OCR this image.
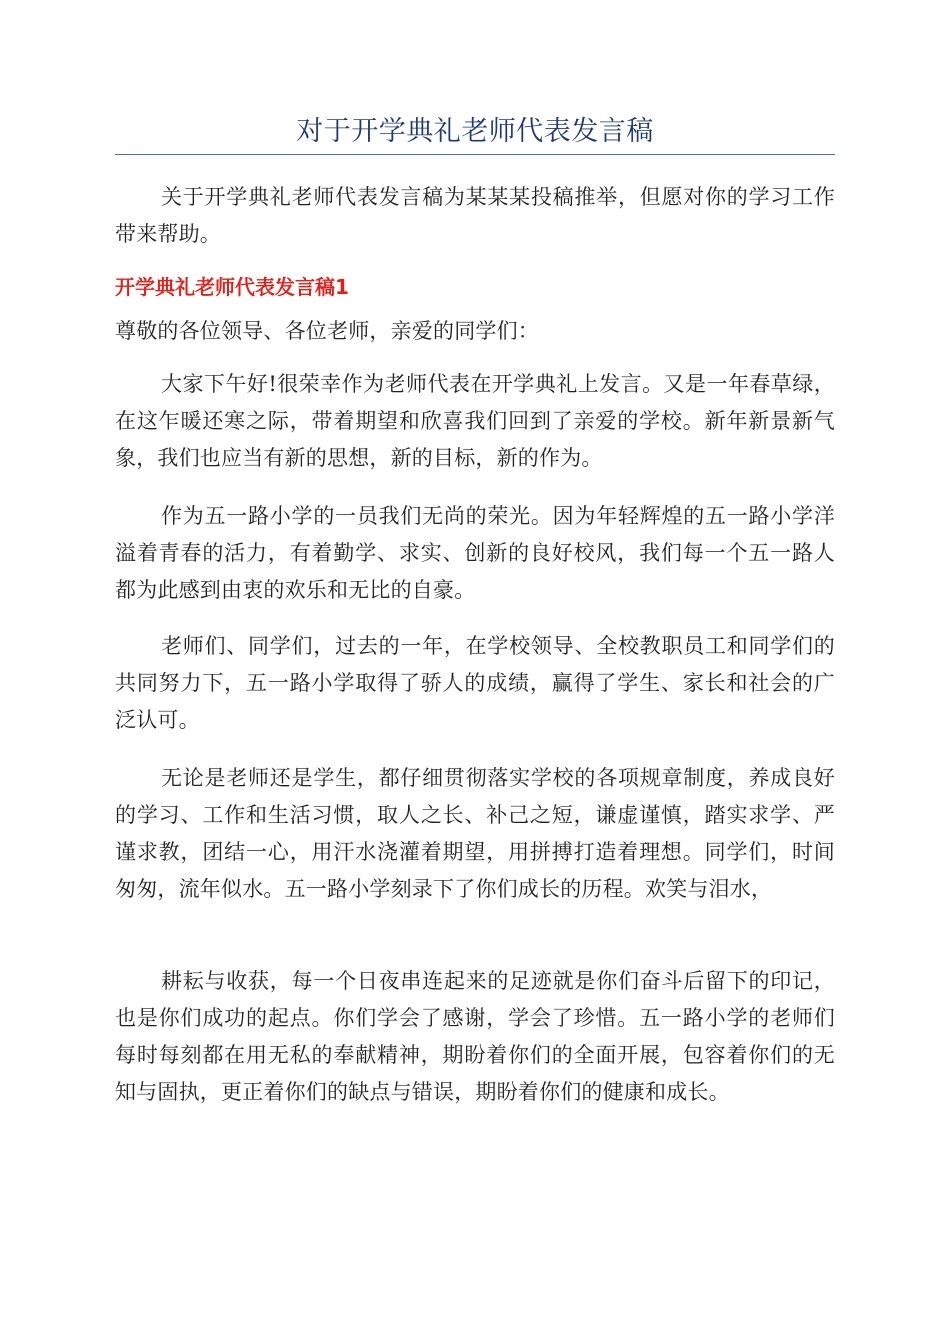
对于开学典礼老师代表发言稿

关于开学典礼老师代表发言稿为某某某投稿推举，但愿对你的学习工作带来帮助。

开学典礼老师代表发言稿1

尊敬的各位领导、各位老师，亲爱的同学们：

大家下午好!很荣幸作为老师代表在开学典礼上发言。又是一年春草绿，在这乍暖还寒之际，带着期望和欣喜我们回到了亲爱的学校。新年新景新气象，我们也应当有新的思想，新的目标，新的作为。

作为五一路小学的一员我们无尚的荣光。因为年轻辉煌的五一路小学洋溢着青春的活力，有着勤学、求实、创新的良好校风，我们每一个五一路人都为此感到由衷的欢乐和无比的自豪。

老师们、同学们，过去的一年，在学校领导、全校教职员工和同学们的共同努力下，五一路小学取得了骄人的成绩，赢得了学生、家长和社会的广泛认可。

无论是老师还是学生，都仔细贯彻落实学校的各项规章制度，养成良好的学习、工作和生活习惯，取人之长、补己之短，谦虚谨慎，踏实求学、严谨求教，团结一心，用汗水浇灌着期望，用拼搏打造着理想。同学们，时间匆匆，流年似水。五一路小学刻录下了你们成长的历程。欢笑与泪水，

耕耘与收获，每一个日夜串连起来的足迹就是你们奋斗后留下的印记，也是你们成功的起点。你们学会了感谢，学会了珍惜。五一路小学的老师们每时每刻都在用无私的奉献精神，期盼着你们的全面开展，包容着你们的无知与固执，更正着你们的缺点与错误，期盼着你们的健康和成长。
